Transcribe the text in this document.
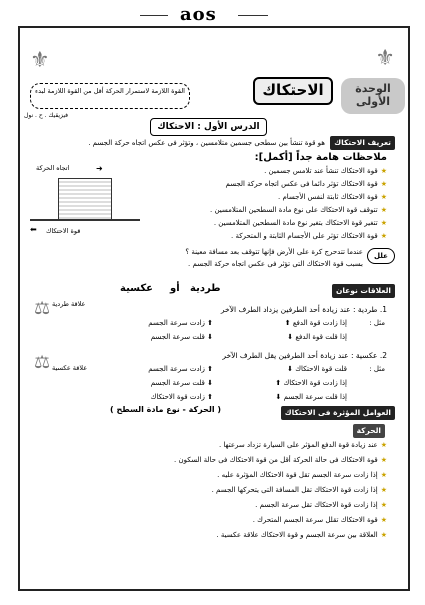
aos
⚜	⚜
الوحدة الأولى
الاحتكاك
القوة اللازمة لاستمرار الحركة أقل من القوة اللازمة لبدء
فيزيقيك . ح . نول
الدرس الأول : الاحتكاك
تعريف الاحتكاك
هو قوة تنشأ بين سطحى جسمين متلامسين ، وتؤثر فى عكس اتجاه حركة الجسم .
ملاحظات هامة جداً [أكمل]:
★قوة الاحتكاك تنشأ عند تلامس جسمين .
★قوة الاحتكاك تؤثر دائما فى عكس اتجاه حركة الجسم
★قوة الاحتكاك ثابتة لنفس الأجسام .
★تتوقف قوة الاحتكاك على نوع مادة السطحين المتلامسين .
★تتغير قوة الاحتكاك بتغير نوع مادة السطحين المتلامسين .
★قوة الاحتكاك تؤثر على الأجسام الثابتة و المتحركة .
اتجاه الحركة	➜
⬅ قوة الاحتكاك
علل
عندما تتدحرج كرة على الأرض فإنها تتوقف بعد مسافة معينة ؟
بسبب قوة الاحتكاك التى تؤثر فى عكس اتجاه حركة الجسم .
العلاقات نوعان
طردية
أو
عكسية
⚖ علاقة طردية
1. طردية : عند زيادة أحد الطرفين يزداد الطرف الآخر
مثل :
إذا زادت قوة الدفع ⬆
⬆ زادت سرعة الجسم
إذا قلت قوة الدفع ⬇
⬇ قلت سرعة الجسم
⚖ علاقة عكسية
2. عكسية : عند زيادة أحد الطرفين يقل الطرف الآخر
مثل :
قلت قوة الاحتكاك ⬇
⬆ زادت سرعة الجسم
إذا زادت قوة الاحتكاك ⬆
⬇ قلت سرعة الجسم
إذا قلت سرعة الجسم ⬇
⬆ زادت قوة الاحتكاك
العوامل المؤثرة فى الاحتكاك
( الحركة - نوع مادة السطح )
الحركة
★عند زيادة قوة الدفع المؤثر على السيارة تزداد سرعتها .
★قوة الاحتكاك فى حالة الحركة أقل من قوة الاحتكاك فى حالة السكون .
★إذا زادت سرعة الجسم تقل قوة الاحتكاك المؤثرة عليه .
★إذا زادت قوة الاحتكاك تقل المسافة التى يتحركها الجسم .
★إذا زادت قوة الاحتكاك تقل سرعة الجسم .
★قوة الاحتكاك تقلل سرعة الجسم المتحرك .
★العلاقة بين سرعة الجسم و قوة الاحتكاك علاقة عكسية .
